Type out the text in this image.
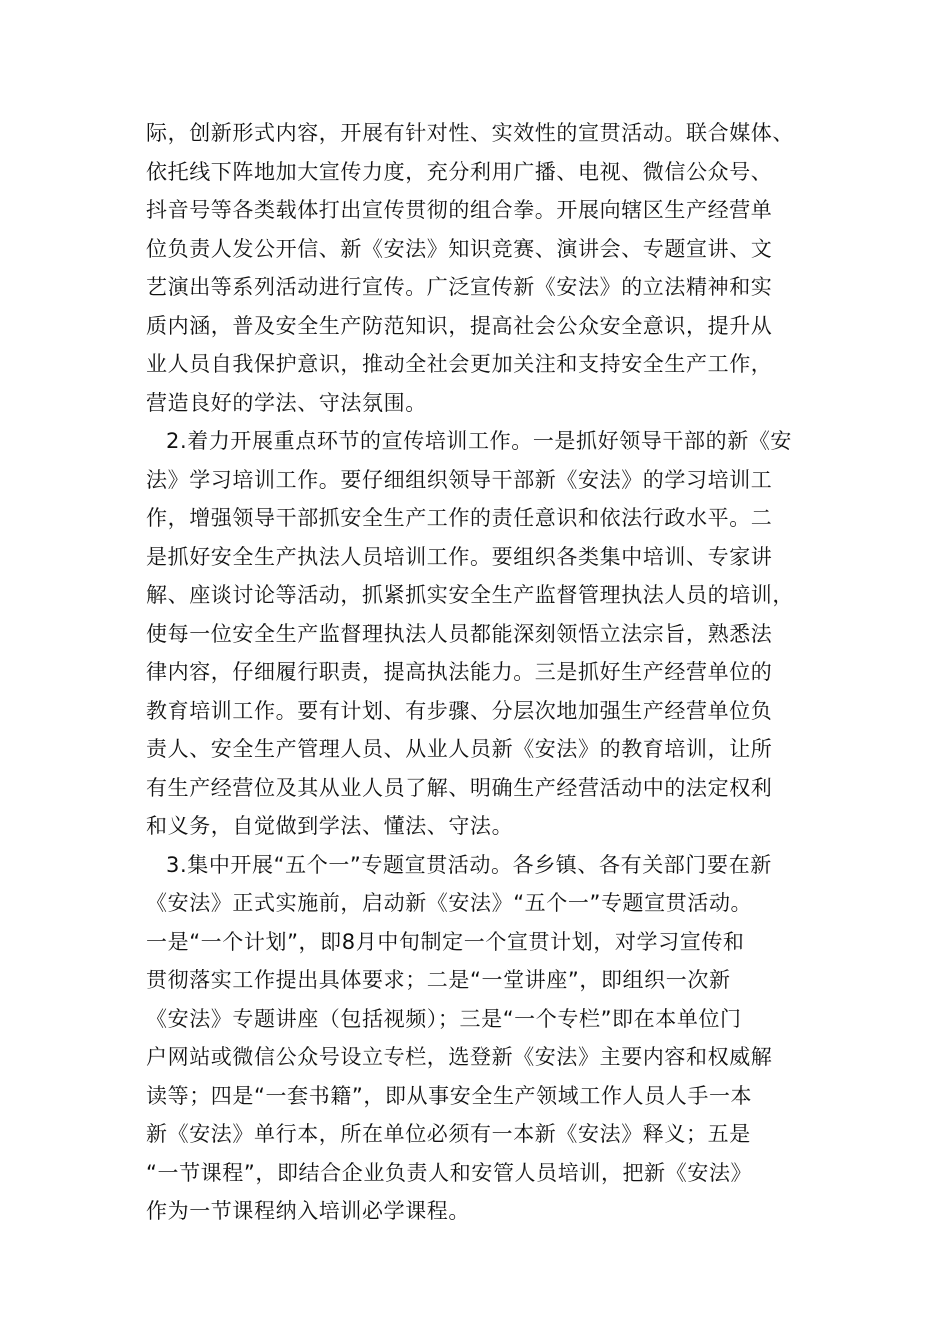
际，创新形式内容，开展有针对性、实效性的宣贯活动。联合媒体、
依托线下阵地加大宣传力度，充分利用广播、电视、微信公众号、
抖音号等各类载体打出宣传贯彻的组合拳。开展向辖区生产经营单
位负责人发公开信、新《安法》知识竞赛、演讲会、专题宣讲、文
艺演出等系列活动进行宣传。广泛宣传新《安法》的立法精神和实
质内涵，普及安全生产防范知识，提高社会公众安全意识，提升从
业人员自我保护意识，推动全社会更加关注和支持安全生产工作，
营造良好的学法、守法氛围。
2.着力开展重点环节的宣传培训工作。一是抓好领导干部的新《安
法》学习培训工作。要仔细组织领导干部新《安法》的学习培训工
作，增强领导干部抓安全生产工作的责任意识和依法行政水平。二
是抓好安全生产执法人员培训工作。要组织各类集中培训、专家讲
解、座谈讨论等活动，抓紧抓实安全生产监督管理执法人员的培训，
使每一位安全生产监督理执法人员都能深刻领悟立法宗旨，熟悉法
律内容，仔细履行职责，提高执法能力。三是抓好生产经营单位的
教育培训工作。要有计划、有步骤、分层次地加强生产经营单位负
责人、安全生产管理人员、从业人员新《安法》的教育培训，让所
有生产经营位及其从业人员了解、明确生产经营活动中的法定权利
和义务，自觉做到学法、懂法、守法。
3.集中开展“五个一”专题宣贯活动。各乡镇、各有关部门要在新
《安法》正式实施前，启动新《安法》“五个一”专题宣贯活动。
一是“一个计划”，即8月中旬制定一个宣贯计划，对学习宣传和
贯彻落实工作提出具体要求；二是“一堂讲座”，即组织一次新
《安法》专题讲座（包括视频）；三是“一个专栏”即在本单位门
户网站或微信公众号设立专栏，选登新《安法》主要内容和权威解
读等；四是“一套书籍”，即从事安全生产领域工作人员人手一本
新《安法》单行本，所在单位必须有一本新《安法》释义；五是
“一节课程”，即结合企业负责人和安管人员培训，把新《安法》
作为一节课程纳入培训必学课程。
